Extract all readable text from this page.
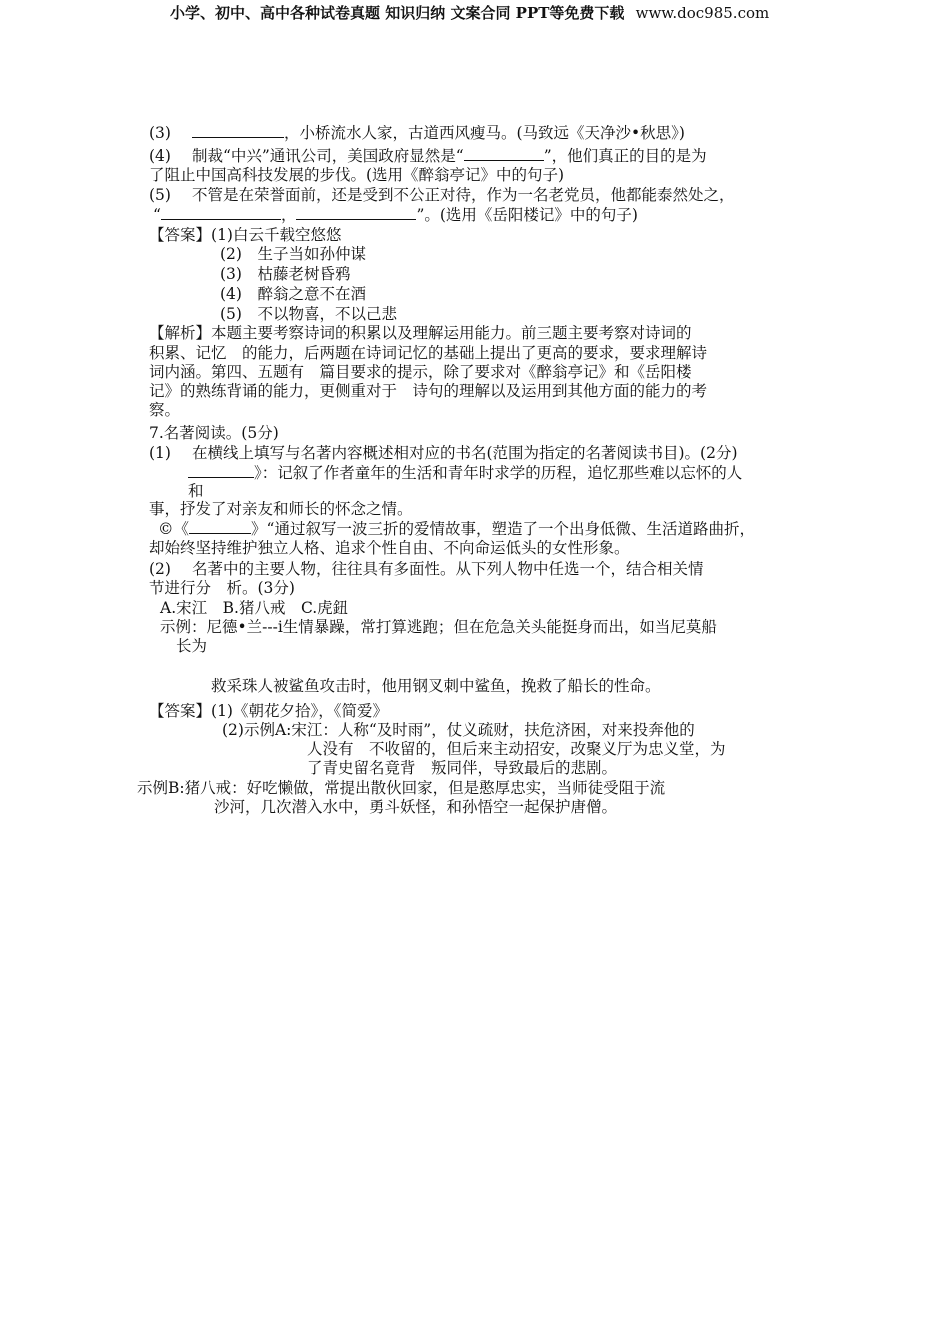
小学、初中、高中各种试卷真题 知识归纳 文案合同 PPT等免费下载 www.doc985.com
(3)	，小桥流水人家，古道西风瘦马。(马致远《天净沙•秋思》)
(4) 制裁“中兴”通讯公司，美国政府显然是“	”，他们真正的目的是为
了阻止中国高科技发展的步伐。(选用《醉翁亭记》中的句子)
(5) 不管是在荣誉面前，还是受到不公正对待，作为一名老党员，他都能泰然处之，
“	，	”。(选用《岳阳楼记》中的句子)
【答案】(1)白云千载空悠悠
(2)　生子当如孙仲谋
(3)　枯藤老树昏鸦
(4)　醉翁之意不在酒
(5)　不以物喜，不以己悲
【解析】本题主要考察诗词的积累以及理解运用能力。前三题主要考察对诗词的
积累、记忆　的能力，后两题在诗词记忆的基础上提出了更高的要求，要求理解诗
词内涵。第四、五题有　篇目要求的提示，除了要求对《醉翁亭记》和《岳阳楼
记》的熟练背诵的能力，更侧重对于　诗句的理解以及运用到其他方面的能力的考
察。
7.名著阅读。(5分)
(1) 在横线上填写与名著内容概述相对应的书名(范围为指定的名著阅读书目)。(2分)
》：记叙了作者童年的生活和青年时求学的历程，追忆那些难以忘怀的人
和
事，抒发了对亲友和师长的怀念之情。
©《	》“通过叙写一波三折的爱情故事，塑造了一个出身低微、生活道路曲折，
却始终坚持维护独立人格、追求个性自由、不向命运低头的女性形象。
(2) 名著中的主要人物，往往具有多面性。从下列人物中任选一个，结合相关情
节进行分　析。(3分)
A.宋江　B.猪八戒　C.虎鈕
示例：尼德•兰---i生情暴躁，常打算逃跑；但在危急关头能挺身而出，如当尼莫船
长为
救采珠人被鲨鱼攻击时，他用钢叉刺中鲨鱼，挽救了船长的性命。
【答案】(1)《朝花夕拾》，《简爱》
(2)示例A:宋江：人称“及时雨”，仗义疏财，扶危济困，对来投奔他的
人没有　不收留的，但后来主动招安，改聚义厅为忠义堂，为
了青史留名竟背　叛同伴，导致最后的悲剧。
示例B:猪八戒：好吃懒做，常提出散伙回家，但是憨厚忠实，当师徒受阻于流
沙河，几次潜入水中，勇斗妖怪，和孙悟空一起保护唐僧。
